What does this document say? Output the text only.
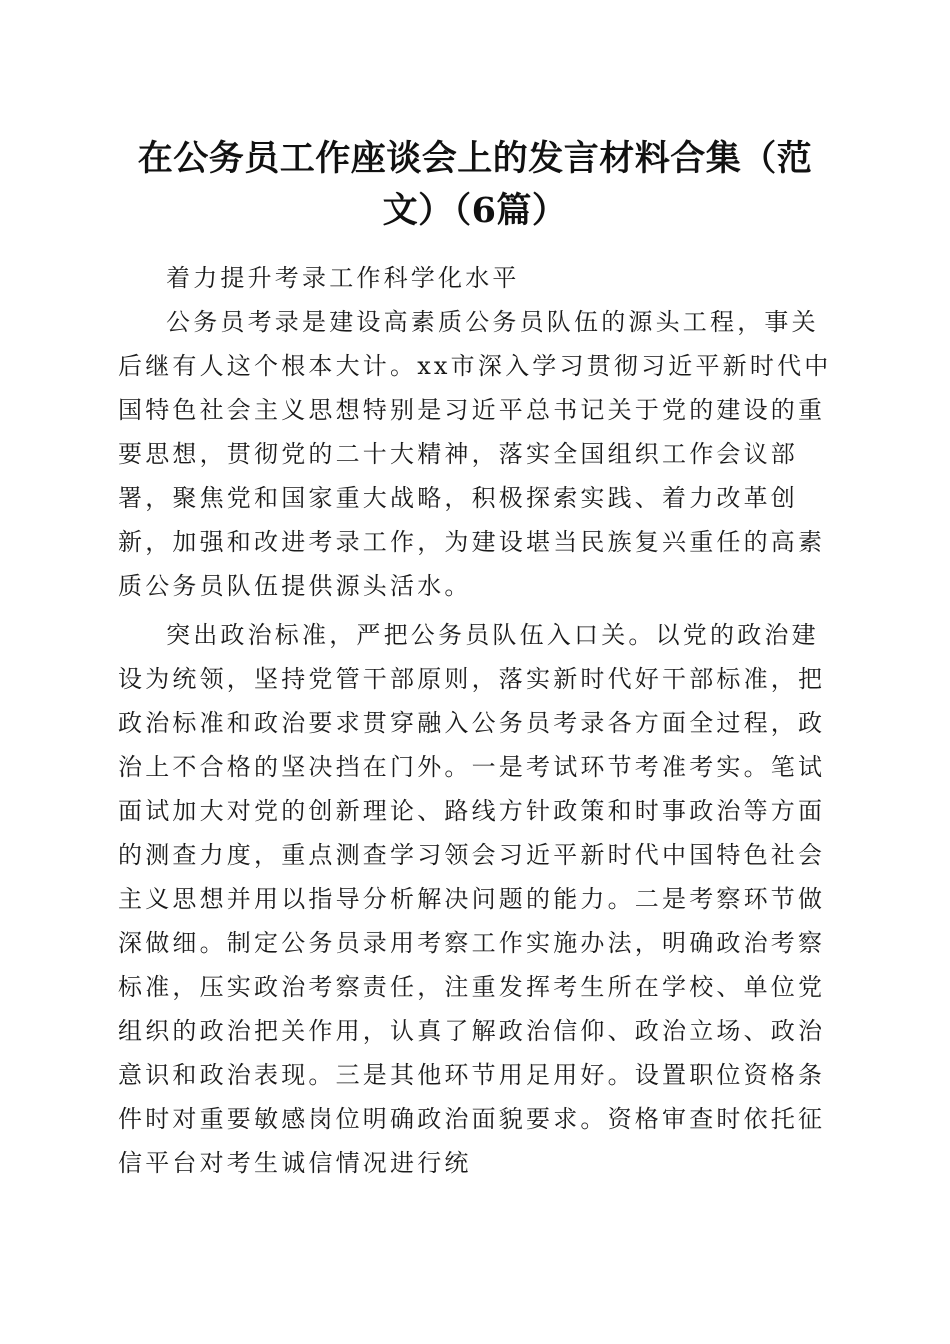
在公务员工作座谈会上的发言材料合集（范文）（6篇）

着力提升考录工作科学化水平

公务员考录是建设高素质公务员队伍的源头工程，事关后继有人这个根本大计。xx市深入学习贯彻习近平新时代中国特色社会主义思想特别是习近平总书记关于党的建设的重要思想，贯彻党的二十大精神，落实全国组织工作会议部署，聚焦党和国家重大战略，积极探索实践、着力改革创新，加强和改进考录工作，为建设堪当民族复兴重任的高素质公务员队伍提供源头活水。

突出政治标准，严把公务员队伍入口关。以党的政治建设为统领，坚持党管干部原则，落实新时代好干部标准，把政治标准和政治要求贯穿融入公务员考录各方面全过程，政治上不合格的坚决挡在门外。一是考试环节考准考实。笔试面试加大对党的创新理论、路线方针政策和时事政治等方面的测查力度，重点测查学习领会习近平新时代中国特色社会主义思想并用以指导分析解决问题的能力。二是考察环节做深做细。制定公务员录用考察工作实施办法，明确政治考察标准，压实政治考察责任，注重发挥考生所在学校、单位党组织的政治把关作用，认真了解政治信仰、政治立场、政治意识和政治表现。三是其他环节用足用好。设置职位资格条件时对重要敏感岗位明确政治面貌要求。资格审查时依托征信平台对考生诚信情况进行统
